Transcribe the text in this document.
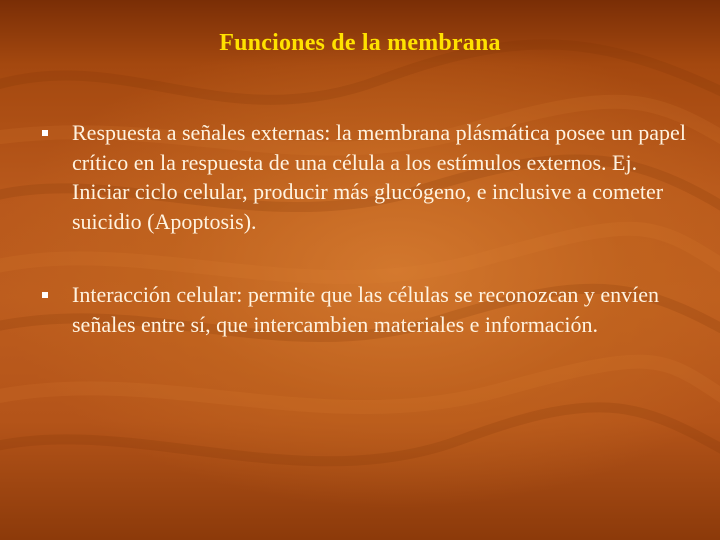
Funciones de la membrana
Respuesta a señales externas: la membrana plásmática posee un papel crítico en la respuesta de una célula a los estímulos externos. Ej. Iniciar ciclo celular, producir más glucógeno, e inclusive a cometer suicidio (Apoptosis).
Interacción celular: permite que las células se reconozcan y envíen señales entre sí, que intercambien materiales e información.
